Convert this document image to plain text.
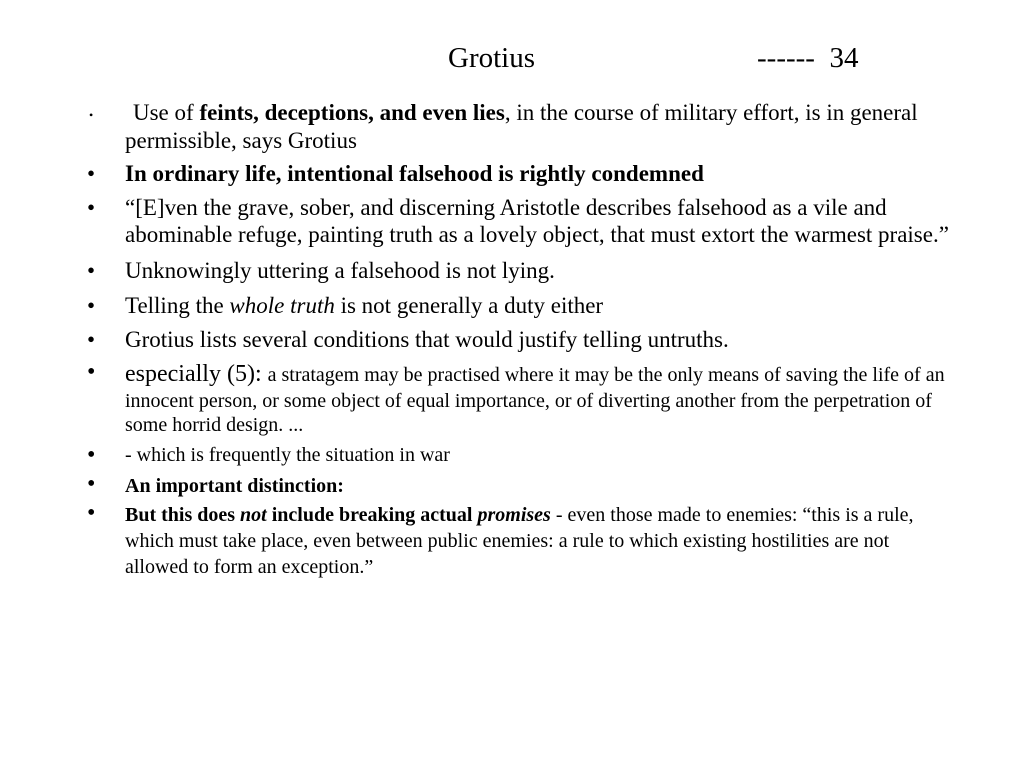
Grotius	------  34
• Use of feints, deceptions, and even lies, in the course of military effort, is in general permissible, says Grotius
• In ordinary life, intentional falsehood is rightly condemned
• “[E]ven the grave, sober, and discerning Aristotle describes falsehood as a vile and abominable refuge, painting truth as a lovely object, that must extort the warmest praise.”
• Unknowingly uttering a falsehood is not lying.
• Telling the whole truth is not generally a duty either
• Grotius lists several conditions that would justify telling untruths.
• especially (5): a stratagem may be practised where it may be the only means of saving the life of an innocent person, or some object of equal importance, or of diverting another from the perpetration of some horrid design. ...
• - which is frequently the situation in war
• An important distinction:
• But this does not include breaking actual promises - even those made to enemies: “this is a rule, which must take place, even between public enemies: a rule to which existing hostilities are not allowed to form an exception.”
